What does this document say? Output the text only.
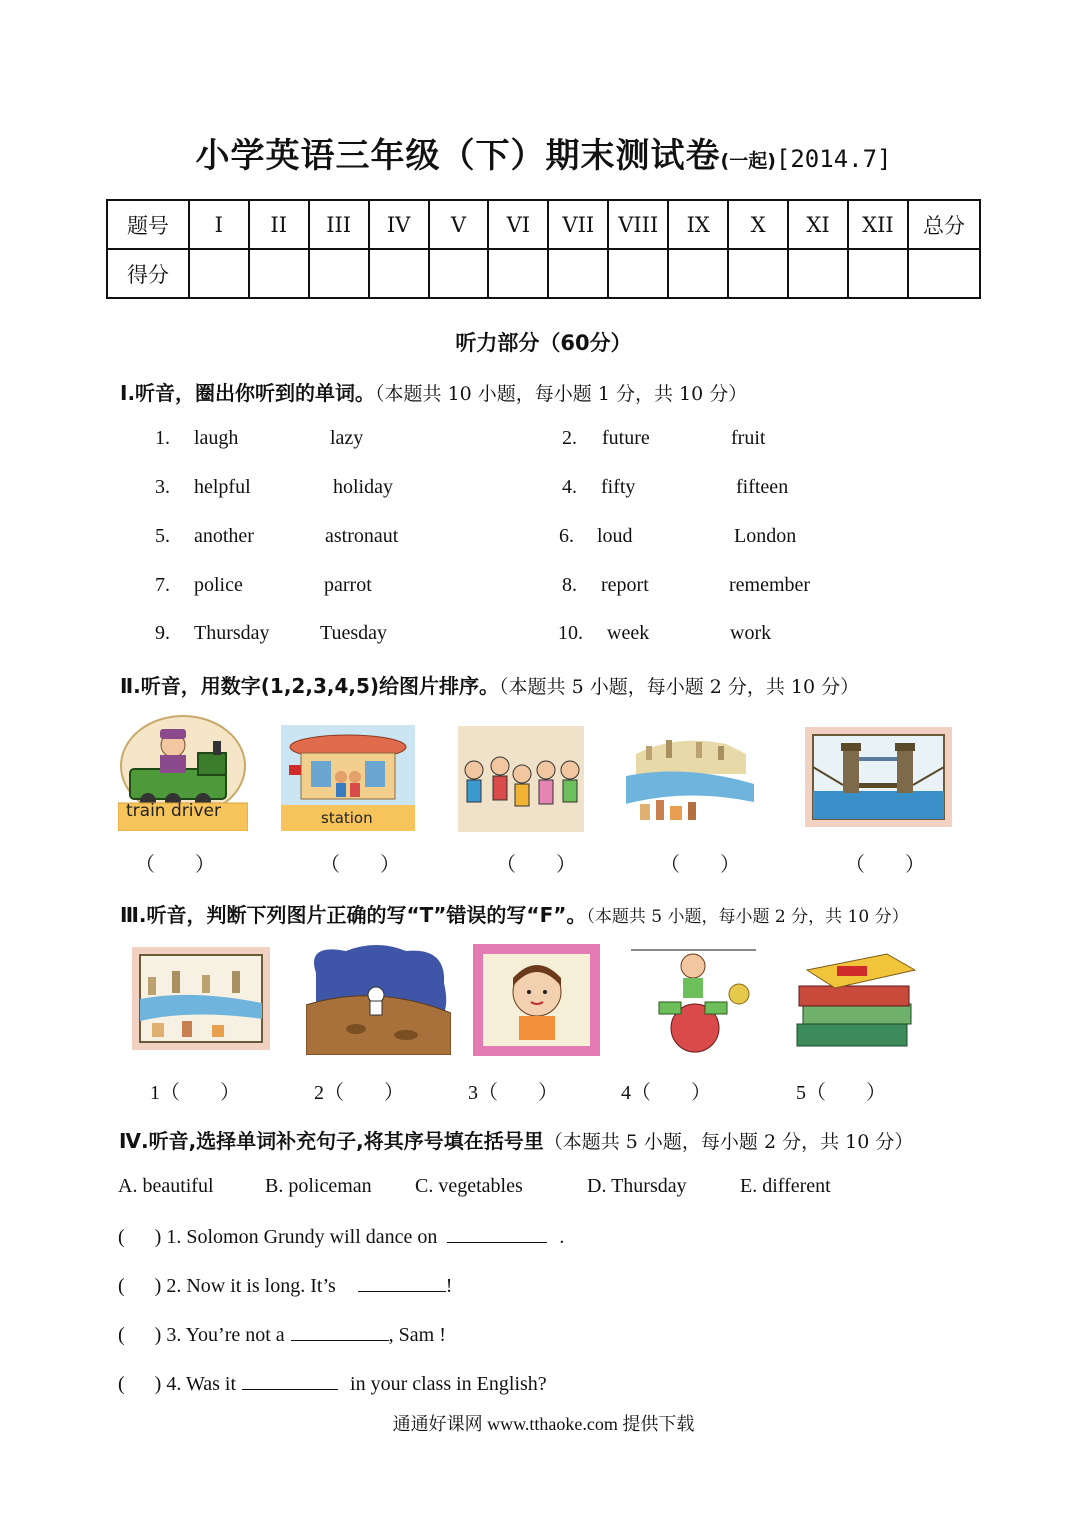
小学英语三年级（下）期末测试卷(一起)[2014.7]
题号	I	II	III	IV	V	VI	VII	VIII	IX	X	XI	XII	总分
得分													
听力部分（60分）
Ⅰ.听音，圈出你听到的单词。（本题共 10 小题，每小题 1 分，共 10 分）
1. laugh	lazy	2. future	fruit
3. helpful	holiday	4. fifty	fifteen
5. another	astronaut	6. loud	London
7. police	parrot	8. report	remember
9. Thursday	Tuesday	10. week	work
Ⅱ.听音，用数字(1,2,3,4,5)给图片排序。（本题共 5 小题，每小题 2 分，共 10 分）
train driver	station
（　　）	（　　）	（　　）	（　　）	（　　）
Ⅲ.听音，判断下列图片正确的写“T”错误的写“F”。（本题共 5 小题，每小题 2 分，共 10 分）
1（　　）	2（　　）	3（　　）	4（　　）	5（　　）
Ⅳ.听音,选择单词补充句子,将其序号填在括号里（本题共 5 小题，每小题 2 分，共 10 分）
A. beautiful	B. policeman C. vegetables	D. Thursday	E. different
( ) 1. Solomon Grundy will dance on	.
( ) 2. Now it is long. It’s	!
( ) 3. You’re not a	, Sam !
( ) 4. Was it	in your class in English?
通通好课网 www.tthaoke.com 提供下载
